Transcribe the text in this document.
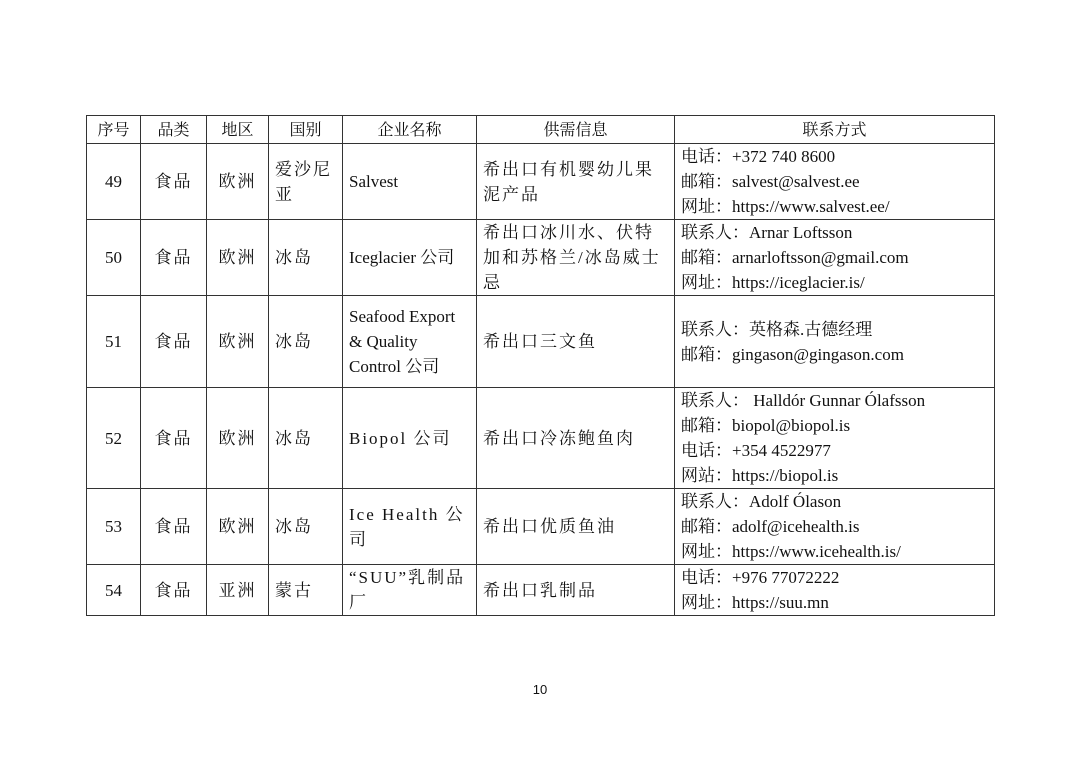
序号	品类	地区	国别	企业名称	供需信息	联系方式
49	食品	欧洲	爱沙尼亚	Salvest	希出口有机婴幼儿果泥产品	电话：+372 740 8600
邮箱：salvest@salvest.ee
网址：https://www.salvest.ee/

50	食品	欧洲	冰岛	Iceglacier 公司	希出口冰川水、伏特加和苏格兰/冰岛威士忌	联系人：Arnar Loftsson
邮箱：arnarloftsson@gmail.com
网址：https://iceglacier.is/

51	食品	欧洲	冰岛	Seafood Export & Quality Control 公司	希出口三文鱼	联系人：英格森.古德经理
邮箱：gingason@gingason.com

52	食品	欧洲	冰岛	Biopol 公司	希出口冷冻鲍鱼肉	联系人： Halldór Gunnar Ólafsson
邮箱：biopol@biopol.is
电话：+354 4522977
网站：https://biopol.is

53	食品	欧洲	冰岛	Ice Health 公司	希出口优质鱼油	联系人：Adolf Ólason
邮箱：adolf@icehealth.is
网址：https://www.icehealth.is/

54	食品	亚洲	蒙古	“SUU”乳制品厂	希出口乳制品	电话：+976 77072222
网址：https://suu.mn
10
